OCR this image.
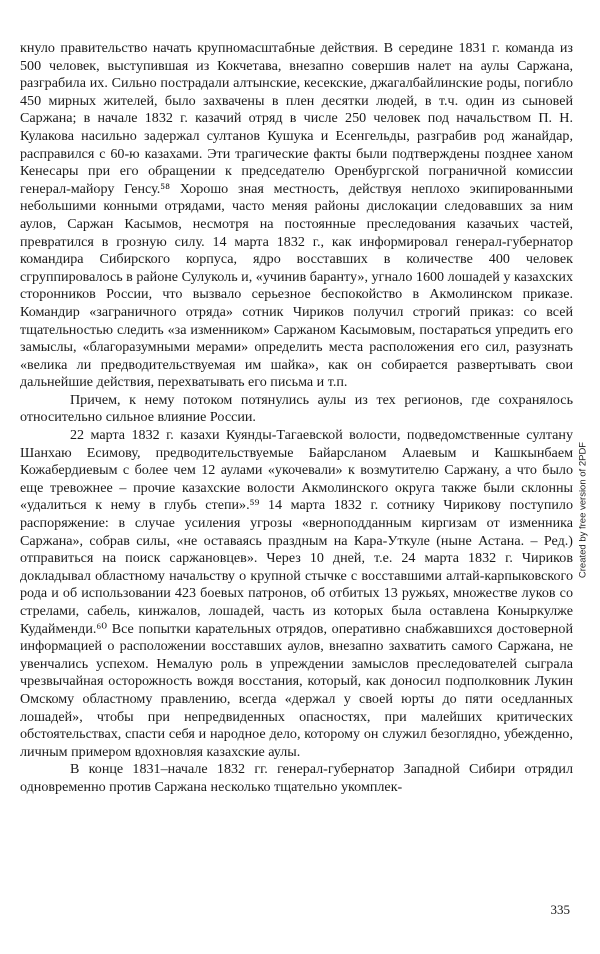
кнуло правительство начать крупномасштабные действия. В середине 1831 г. команда из 500 человек, выступившая из Кокчетава, внезапно совершив налет на аулы Саржана, разграбила их. Сильно пострадали алтынские, кесекские, джагалбайлинские роды, погибло 450 мирных жителей, было захвачены в плен десятки людей, в т.ч. один из сыновей Саржана; в начале 1832 г. казачий отряд в числе 250 человек под начальством П. Н. Кулакова насильно задержал султанов Кушука и Есенгельды, разграбив род жанайдар, расправился с 60-ю казахами. Эти трагические факты были подтверждены позднее ханом Кенесары при его обращении к председателю Оренбургской пограничной комиссии генерал-майору Генсу.⁵⁸ Хорошо зная местность, действуя неплохо экипированными небольшими конными отрядами, часто меняя районы дислокации следовавших за ним аулов, Саржан Касымов, несмотря на постоянные преследования казачьих частей, превратился в грозную силу. 14 марта 1832 г., как информировал генерал-губернатор командира Сибирского корпуса, ядро восставших в количестве 400 человек сгруппировалось в районе Сулуколь и, «учинив баранту», угнало 1600 лошадей у казахских сторонников России, что вызвало серьезное беспокойство в Акмолинском приказе. Командир «заграничного отряда» сотник Чириков получил строгий приказ: со всей тщательностью следить «за изменником» Саржаном Касымовым, постараться упредить его замыслы, «благоразумными мерами» определить места расположения его сил, разузнать «велика ли предводительствуемая им шайка», как он собирается развертывать свои дальнейшие действия, перехватывать его письма и т.п.

Причем, к нему потоком потянулись аулы из тех регионов, где сохранялось относительно сильное влияние России.

22 марта 1832 г. казахи Куянды-Тагаевской волости, подведомственные султану Шанхаю Есимову, предводительствуемые Байарсланом Алаевым и Кашкынбаем Кожабердиевым с более чем 12 аулами «укочевали» к возмутителю Саржану, а что было еще тревожнее – прочие казахские волости Акмолинского округа также были склонны «удалиться к нему в глубь степи».⁵⁹ 14 марта 1832 г. сотнику Чирикову поступило распоряжение: в случае усиления угрозы «верноподданным киргизам от изменника Саржана», собрав силы, «не оставаясь праздным на Кара-Уткуле (ныне Астана. – Ред.) отправиться на поиск саржановцев». Через 10 дней, т.е. 24 марта 1832 г. Чириков докладывал областному начальству о крупной стычке с восставшими алтай-карпыковского рода и об использовании 423 боевых патронов, об отбитых 13 ружьях, множестве луков со стрелами, сабель, кинжалов, лошадей, часть из которых была оставлена Коныркулже Кудайменди.⁶⁰ Все попытки карательных отрядов, оперативно снабжавшихся достоверной информацией о расположении восставших аулов, внезапно захватить самого Саржана, не увенчались успехом. Немалую роль в упреждении замыслов преследователей сыграла чрезвычайная осторожность вождя восстания, который, как доносил подполковник Лукин Омскому областному правлению, всегда «держал у своей юрты до пяти оседланных лошадей», чтобы при непредвиденных опасностях, при малейших критических обстоятельствах, спасти себя и народное дело, которому он служил безоглядно, убежденно, личным примером вдохновляя казахские аулы.

В конце 1831–начале 1832 гг. генерал-губернатор Западной Сибири отрядил одновременно против Саржана несколько тщательно укомплек-

Created by free version of 2PDF
335
